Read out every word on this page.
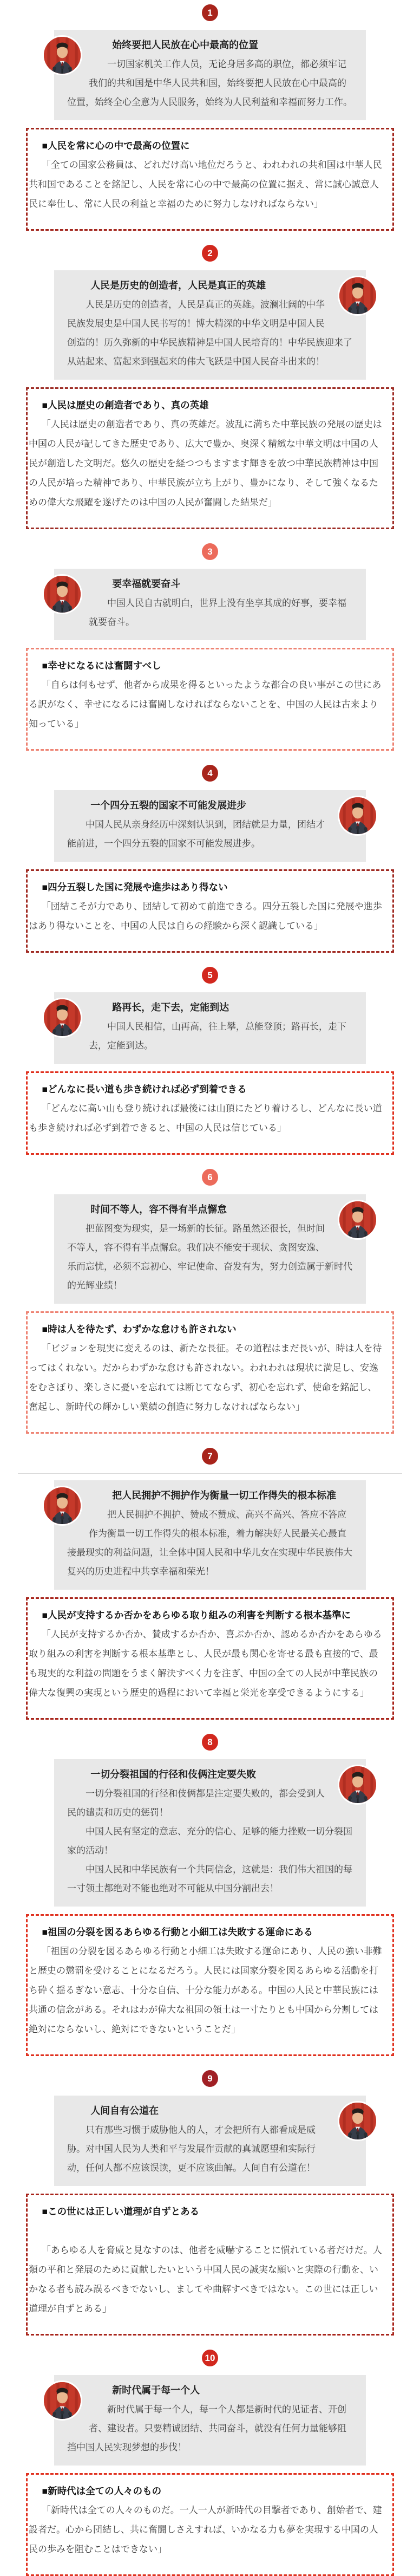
1
始终要把人民放在心中最高的位置

一切国家机关工作人员，无论身居多高的职位，都必须牢记我们的共和国是中华人民共和国，始终要把人民放在心中最高的位置，始终全心全意为人民服务，始终为人民利益和幸福而努力工作。

■人民を常に心の中で最高の位置に

「全ての国家公務員は、どれだけ高い地位だろうと、われわれの共和国は中華人民共和国であることを銘記し、人民を常に心の中で最高の位置に据え、常に誠心誠意人民に奉仕し、常に人民の利益と幸福のために努力しなければならない」

2
人民是历史的创造者，人民是真正的英雄

人民是历史的创造者，人民是真正的英雄。波澜壮阔的中华民族发展史是中国人民书写的！博大精深的中华文明是中国人民创造的！历久弥新的中华民族精神是中国人民培育的！中华民族迎来了从站起来、富起来到强起来的伟大飞跃是中国人民奋斗出来的！

■人民は歴史の創造者であり、真の英雄

「人民は歴史の創造者であり、真の英雄だ。波乱に満ちた中華民族の発展の歴史は中国の人民が記してきた歴史であり、広大で豊か、奥深く精緻な中華文明は中国の人民が創造した文明だ。悠久の歴史を経つつもますます輝きを放つ中華民族精神は中国の人民が培った精神であり、中華民族が立ち上がり、豊かになり、そして強くなるための偉大な飛躍を遂げたのは中国の人民が奮闘した結果だ」

3
要幸福就要奋斗

中国人民自古就明白，世界上没有坐享其成的好事，要幸福就要奋斗。

■幸せになるには奮闘すべし

「自らは何もせず、他者から成果を得るといったような都合の良い事がこの世にある訳がなく、幸せになるには奮闘しなければならないことを、中国の人民は古来より知っている」

4
一个四分五裂的国家不可能发展进步

中国人民从亲身经历中深刻认识到，团结就是力量，团结才能前进，一个四分五裂的国家不可能发展进步。

■四分五裂した国に発展や進歩はあり得ない

「団結こそが力であり、団結して初めて前進できる。四分五裂した国に発展や進歩はあり得ないことを、中国の人民は自らの経験から深く認識している」

5
路再长，走下去，定能到达

中国人民相信，山再高，往上攀，总能登顶；路再长，走下去，定能到达。

■どんなに長い道も歩き続ければ必ず到着できる

「どんなに高い山も登り続ければ最後には山頂にたどり着けるし、どんなに長い道も歩き続ければ必ず到着できると、中国の人民は信じている」

6
时间不等人，容不得有半点懈怠

把蓝图变为现实，是一场新的长征。路虽然还很长，但时间不等人，容不得有半点懈怠。我们决不能安于现状、贪图安逸、乐而忘忧，必须不忘初心、牢记使命、奋发有为，努力创造属于新时代的光辉业绩！

■時は人を待たず、わずかな怠けも許されない

「ビジョンを現実に変えるのは、新たな長征。その道程はまだ長いが、時は人を待ってはくれない。だからわずかな怠けも許されない。われわれは現状に満足し、安逸をむさぼり、楽しさに憂いを忘れては断じてならず、初心を忘れず、使命を銘記し、奮起し、新時代の輝かしい業績の創造に努力しなければならない」

7
把人民拥护不拥护作为衡量一切工作得失的根本标准

把人民拥护不拥护、赞成不赞成、高兴不高兴、答应不答应作为衡量一切工作得失的根本标准，着力解决好人民最关心最直接最现实的利益问题，让全体中国人民和中华儿女在实现中华民族伟大复兴的历史进程中共享幸福和荣光！

■人民が支持するか否かをあらゆる取り組みの利害を判断する根本基準に

「人民が支持するか否か、賛成するか否か、喜ぶか否か、認めるか否かをあらゆる取り組みの利害を判断する根本基準とし、人民が最も関心を寄せる最も直接的で、最も現実的な利益の問題をうまく解決すべく力を注ぎ、中国の全ての人民が中華民族の偉大な復興の実現という歴史的過程において幸福と栄光を享受できるようにする」

8
一切分裂祖国的行径和伎俩注定要失败

一切分裂祖国的行径和伎俩都是注定要失败的，都会受到人民的谴责和历史的惩罚！

中国人民有坚定的意志、充分的信心、足够的能力挫败一切分裂国家的活动！

中国人民和中华民族有一个共同信念，这就是：我们伟大祖国的每一寸领土都绝对不能也绝对不可能从中国分割出去！

■祖国の分裂を図るあらゆる行動と小細工は失敗する運命にある

「祖国の分裂を図るあらゆる行動と小細工は失敗する運命にあり、人民の強い非難と歴史の懲罰を受けることになるだろう。人民には国家分裂を図るあらゆる活動を打ち砕く揺るぎない意志、十分な自信、十分な能力がある。中国の人民と中華民族には共通の信念がある。それはわが偉大な祖国の領土は一寸たりとも中国から分割しては絶対にならないし、絶対にできないということだ」

9
人间自有公道在

只有那些习惯于威胁他人的人，才会把所有人都看成是威胁。对中国人民为人类和平与发展作贡献的真诚愿望和实际行动，任何人都不应该误读，更不应该曲解。人间自有公道在！

■この世には正しい道理が自ずとある

「あらゆる人を脅威と見なすのは、他者を威嚇することに慣れている者だけだ。人類の平和と発展のために貢献したいという中国人民の誠実な願いと実際の行動を、いかなる者も読み誤るべきでないし、ましてや曲解すべきではない。この世には正しい道理が自ずとある」

10
新时代属于每一个人

新时代属于每一个人，每一个人都是新时代的见证者、开创者、建设者。只要精诚团结、共同奋斗，就没有任何力量能够阻挡中国人民实现梦想的步伐！

■新時代は全ての人々のもの

「新時代は全ての人々のものだ。一人一人が新時代の目撃者であり、創始者で、建設者だ。心から団結し、共に奮闘しさえすれば、いかなる力も夢を実現する中国の人民の歩みを阻むことはできない」
